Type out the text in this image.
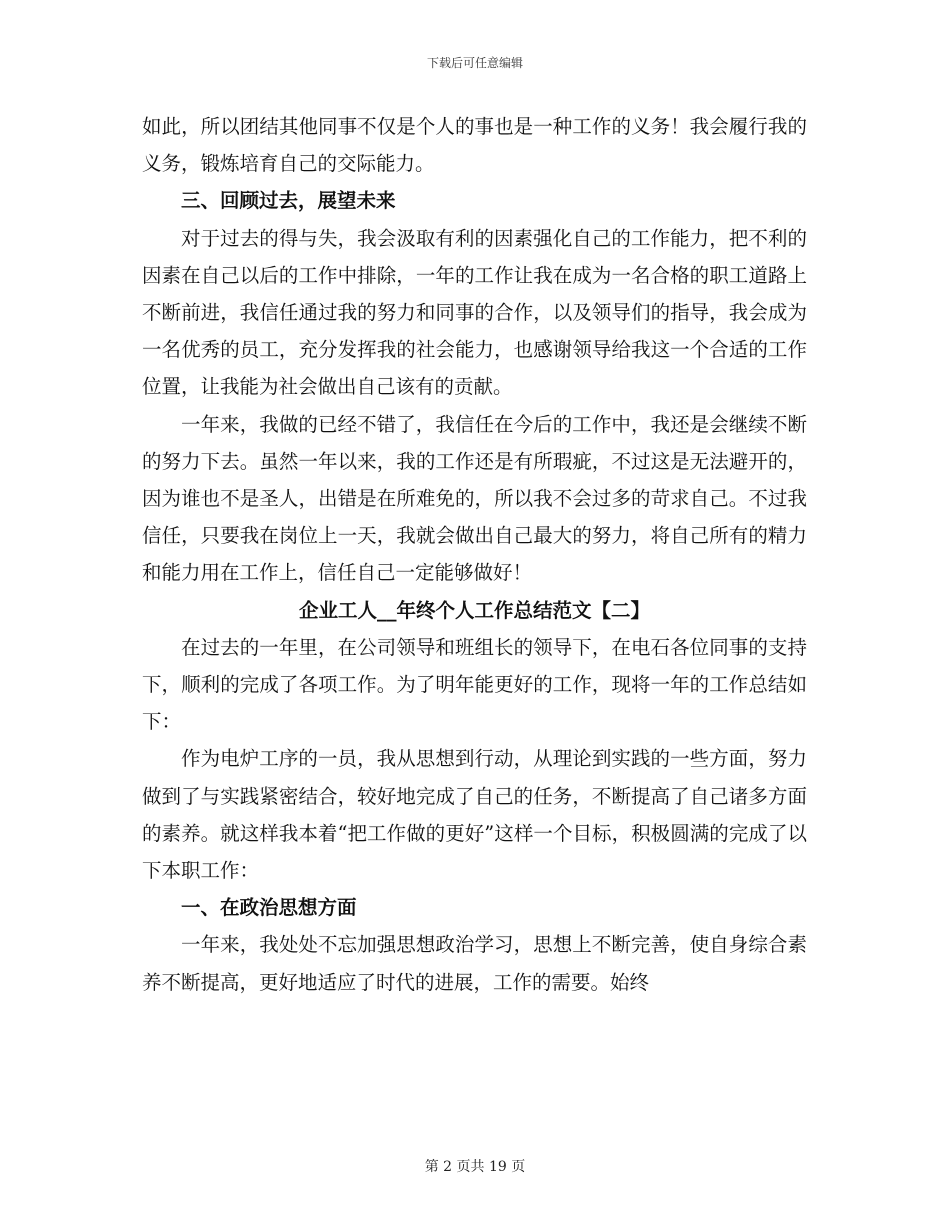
下载后可任意编辑

如此，所以团结其他同事不仅是个人的事也是一种工作的义务！我会履行我的义务，锻炼培育自己的交际能力。

三、回顾过去，展望未来

对于过去的得与失，我会汲取有利的因素强化自己的工作能力，把不利的因素在自己以后的工作中排除，一年的工作让我在成为一名合格的职工道路上不断前进，我信任通过我的努力和同事的合作，以及领导们的指导，我会成为一名优秀的员工，充分发挥我的社会能力，也感谢领导给我这一个合适的工作位置，让我能为社会做出自己该有的贡献。

一年来，我做的已经不错了，我信任在今后的工作中，我还是会继续不断的努力下去。虽然一年以来，我的工作还是有所瑕疵，不过这是无法避开的，因为谁也不是圣人，出错是在所难免的，所以我不会过多的苛求自己。不过我信任，只要我在岗位上一天，我就会做出自己最大的努力，将自己所有的精力和能力用在工作上，信任自己一定能够做好！

企业工人__年终个人工作总结范文【二】

在过去的一年里，在公司领导和班组长的领导下，在电石各位同事的支持下，顺利的完成了各项工作。为了明年能更好的工作，现将一年的工作总结如下：

作为电炉工序的一员，我从思想到行动，从理论到实践的一些方面，努力做到了与实践紧密结合，较好地完成了自己的任务，不断提高了自己诸多方面的素养。就这样我本着“把工作做的更好”这样一个目标，积极圆满的完成了以下本职工作：

一、在政治思想方面

一年来，我处处不忘加强思想政治学习，思想上不断完善，使自身综合素养不断提高，更好地适应了时代的进展，工作的需要。始终

第 2 页共 19 页
